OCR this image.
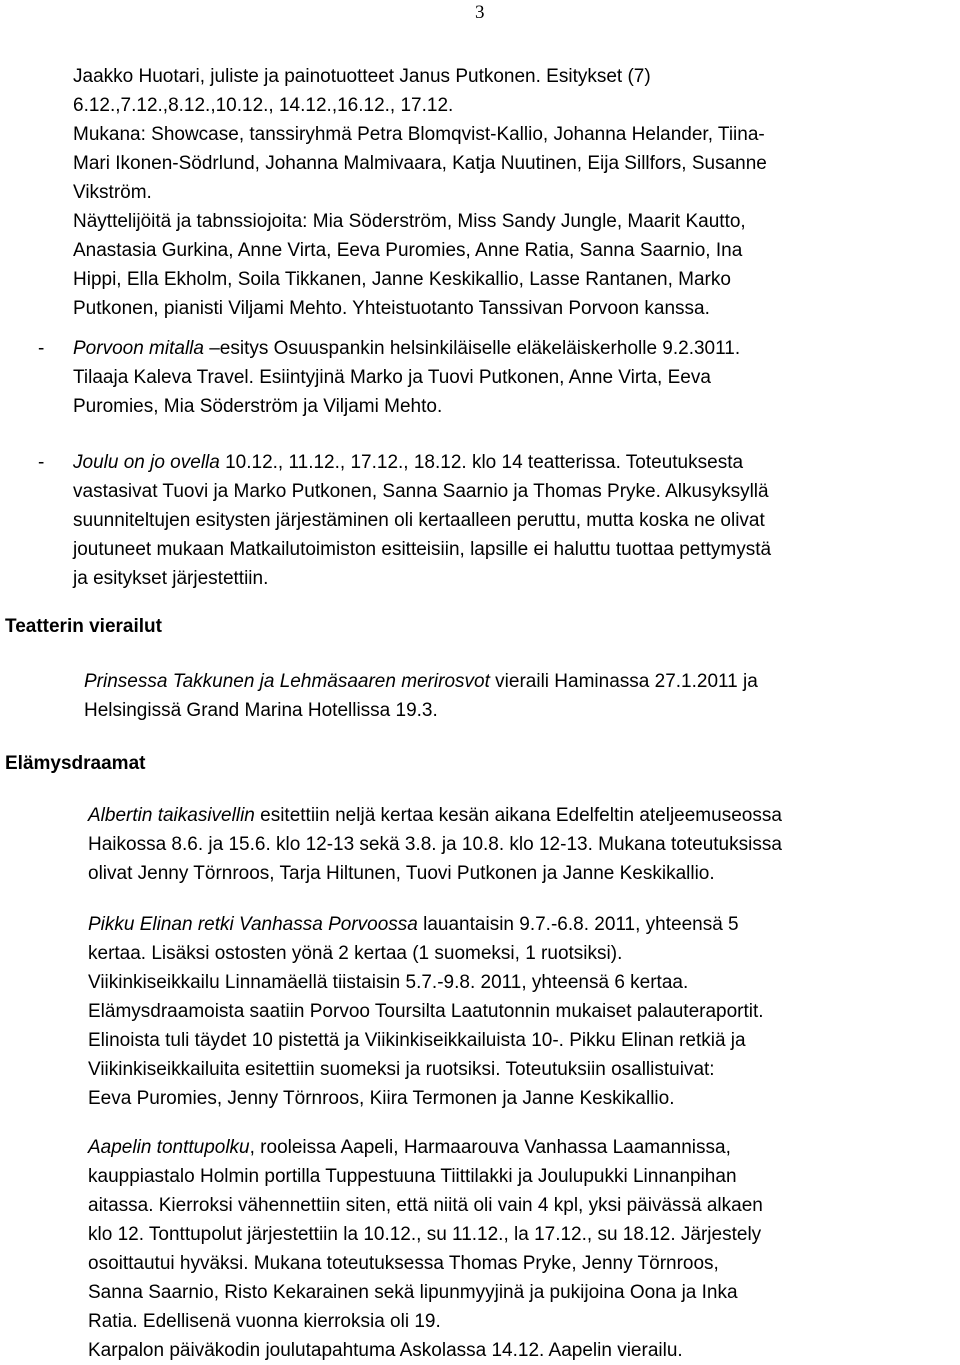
3

Jaakko Huotari, juliste ja painotuotteet Janus Putkonen. Esitykset (7)

6.12.,7.12.,8.12.,10.12., 14.12.,16.12., 17.12.

Mukana: Showcase, tanssiryhmä Petra Blomqvist-Kallio, Johanna Helander, Tiina-

Mari Ikonen-Södrlund, Johanna Malmivaara, Katja Nuutinen, Eija Sillfors, Susanne

Vikström.

Näyttelijöitä ja tabnssiojoita: Mia Söderström, Miss Sandy Jungle, Maarit Kautto,

Anastasia Gurkina, Anne Virta, Eeva Puromies, Anne Ratia, Sanna Saarnio, Ina

Hippi, Ella Ekholm, Soila Tikkanen, Janne Keskikallio, Lasse Rantanen, Marko

Putkonen, pianisti Viljami Mehto. Yhteistuotanto Tanssivan Porvoon kanssa.

- Porvoon mitalla –esitys Osuuspankin helsinkiläiselle eläkeläiskerholle 9.2.3011.

Tilaaja Kaleva Travel. Esiintyjinä Marko ja Tuovi Putkonen, Anne Virta, Eeva

Puromies, Mia Söderström ja Viljami Mehto.

- Joulu on jo ovella 10.12., 11.12., 17.12., 18.12. klo 14 teatterissa. Toteutuksesta

vastasivat Tuovi ja Marko Putkonen, Sanna Saarnio ja Thomas Pryke. Alkusyksyllä

suunniteltujen esitysten järjestäminen oli kertaalleen peruttu, mutta koska ne olivat

joutuneet mukaan Matkailutoimiston esitteisiin, lapsille ei haluttu tuottaa pettymystä

ja esitykset järjestettiin.

Teatterin vierailut

Prinsessa Takkunen ja Lehmäsaaren merirosvot vieraili Haminassa 27.1.2011 ja

Helsingissä Grand Marina Hotellissa 19.3.

Elämysdraamat

Albertin taikasivellin esitettiin neljä kertaa kesän aikana Edelfeltin ateljeemuseossa

Haikossa 8.6. ja 15.6. klo 12-13 sekä 3.8. ja 10.8. klo 12-13. Mukana toteutuksissa

olivat Jenny Törnroos, Tarja Hiltunen, Tuovi Putkonen ja Janne Keskikallio.

Pikku Elinan retki Vanhassa Porvoossa lauantaisin 9.7.-6.8. 2011, yhteensä 5

kertaa. Lisäksi ostosten yönä 2 kertaa (1 suomeksi, 1 ruotsiksi).

Viikinkiseikkailu Linnamäellä tiistaisin 5.7.-9.8. 2011, yhteensä 6 kertaa.

Elämysdraamoista saatiin Porvoo Toursilta Laatutonnin mukaiset palauteraportit.

Elinoista tuli täydet 10 pistettä ja Viikinkiseikkailuista 10-. Pikku Elinan retkiä ja

Viikinkiseikkailuita esitettiin suomeksi ja ruotsiksi. Toteutuksiin osallistuivat:

Eeva Puromies, Jenny Törnroos, Kiira Termonen ja Janne Keskikallio.

Aapelin tonttupolku, rooleissa Aapeli, Harmaarouva Vanhassa Laamannissa,

kauppiastalo Holmin portilla Tuppestuuna Tiittilakki ja Joulupukki Linnanpihan

aitassa. Kierroksi vähennettiin siten, että niitä oli vain 4 kpl, yksi päivässä alkaen

klo 12. Tonttupolut järjestettiin la 10.12., su 11.12., la 17.12., su 18.12. Järjestely

osoittautui hyväksi. Mukana toteutuksessa Thomas Pryke, Jenny Törnroos,

Sanna Saarnio, Risto Kekarainen sekä lipunmyyjinä ja pukijoina Oona ja Inka

Ratia. Edellisenä vuonna kierroksia oli 19.

Karpalon päiväkodin joulutapahtuma Askolassa 14.12. Aapelin vierailu.
